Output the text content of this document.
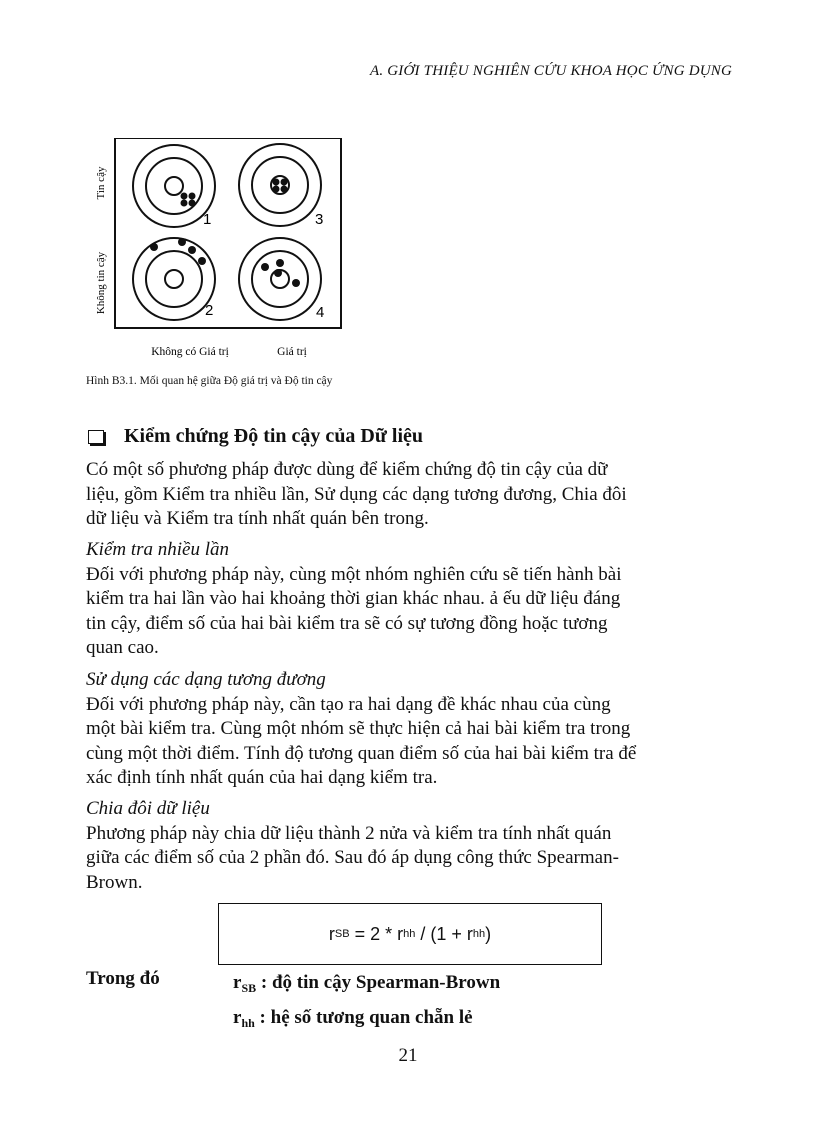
A. GIỚI THIỆU NGHIÊN CỨU KHOA HỌC ỨNG DỤNG
Tin cậy
Không tin cậy
1	3
2	4
Không có Giá trị	Giá trị
Hình B3.1. Mối quan hệ giữa Độ giá trị và Độ tin cậy
Kiểm chứng Độ tin cậy của Dữ liệu

Có một số phương pháp được dùng để kiểm chứng độ tin cậy của dữ

liệu, gồm Kiểm tra nhiều lần, Sử dụng các dạng tương đương, Chia đôi

dữ liệu và Kiểm tra tính nhất quán bên trong.

Kiểm tra nhiều lần

Đối với phương pháp này, cùng một nhóm nghiên cứu sẽ tiến hành bài

kiểm tra hai lần vào hai khoảng thời gian khác nhau. ả ếu dữ liệu đáng

tin cậy, điểm số của hai bài kiểm tra sẽ có sự tương đồng hoặc tương

quan cao.

Sử dụng các dạng tương đương

Đối với phương pháp này, cần tạo ra hai dạng đề khác nhau của cùng

một bài kiểm tra. Cùng một nhóm sẽ thực hiện cả hai bài kiểm tra trong

cùng một thời điểm. Tính độ tương quan điểm số của hai bài kiểm tra để

xác định tính nhất quán của hai dạng kiểm tra.

Chia đôi dữ liệu

Phương pháp này chia dữ liệu thành 2 nửa và kiểm tra tính nhất quán

giữa các điểm số của 2 phần đó. Sau đó áp dụng công thức Spearman-

Brown.

r SB = 2 * r hh / (1 + r hh )
Trong đó	$r_{SB}$ : độ tin cậy Spearman-Brown
$r_{hh}$ : hệ số tương quan chẵn lẻ
21
